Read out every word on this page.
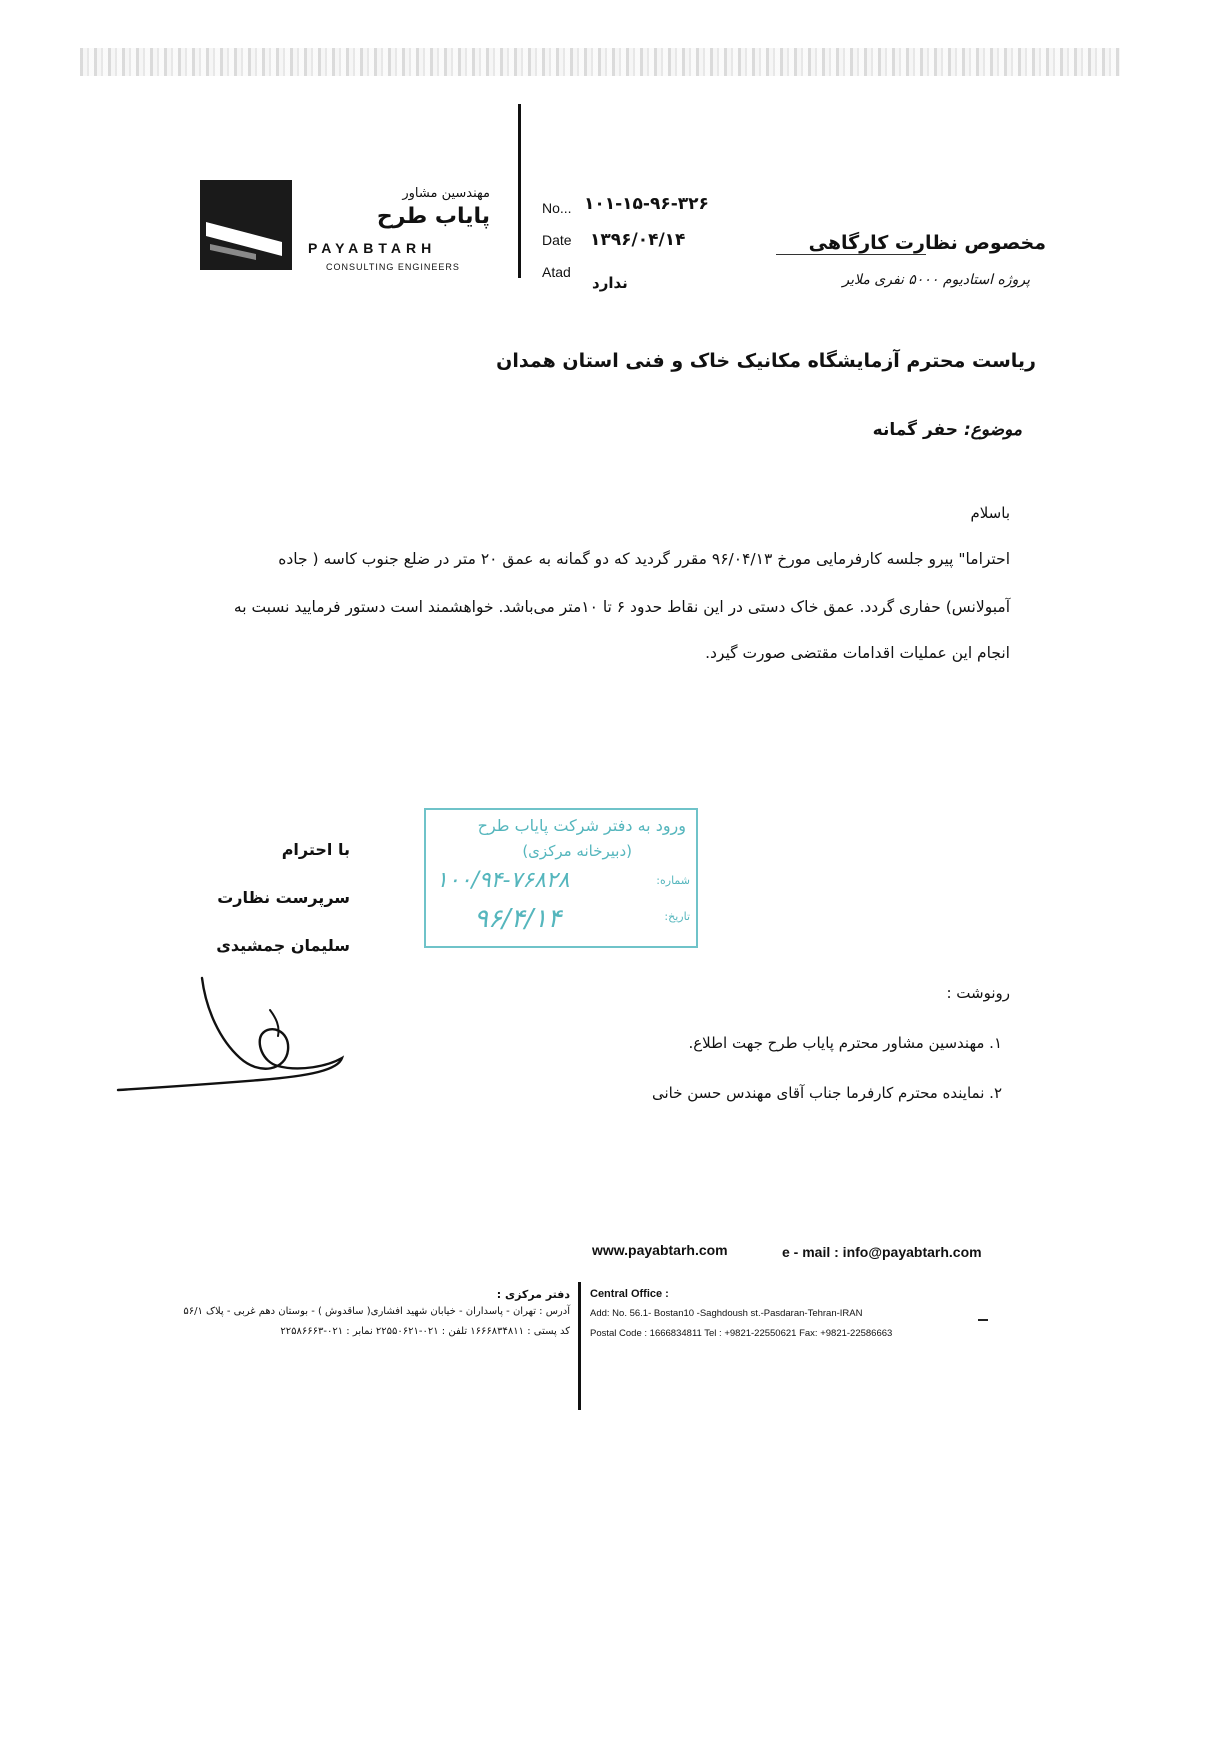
مهندسین مشاور
پایاب طرح
PAYABTARH
CONSULTING ENGINEERS
No... ۱۰۱-۱۵-۹۶-۳۲۶
Date ۱۳۹۶/۰۴/۱۴
Atad
ندارد
مخصوص نظارت کارگاهی
پروژه استادیوم ۵۰۰۰ نفری ملایر
ریاست محترم آزمایشگاه مکانیک خاک و فنی استان همدان
موضوع: حفر گمانه
باسلام
احتراما" پیرو جلسه کارفرمایی مورخ ۹۶/۰۴/۱۳ مقرر گردید که دو گمانه به عمق ۲۰ متر در ضلع جنوب کاسه ( جاده
آمبولانس) حفاری گردد. عمق خاک دستی در این نقاط حدود ۶ تا ۱۰متر می‌باشد. خواهشمند است دستور فرمایید نسبت به
انجام این عملیات اقدامات مقتضی صورت گیرد.
ورود به دفتر شرکت پایاب طرح
(دبیرخانه مرکزی)
شماره:
۱۰۰/۹۴-۷۶۸۲۸
تاریخ:
۹۶/۴/۱۴
با احترام
سرپرست نظارت
سلیمان جمشیدی
رونوشت :
۱. مهندسین مشاور محترم پایاب طرح جهت اطلاع.
۲. نماینده محترم کارفرما جناب آقای مهندس حسن خانی
www.payabtarh.com	e - mail : info@payabtarh.com
دفتر مرکزی :
آدرس : تهران - پاسداران - خیابان شهید افشاری( ساقدوش ) - بوستان دهم غربی - پلاک ۵۶/۱
کد پستی : ۱۶۶۶۸۳۴۸۱۱ تلفن : ۰۲۱-۲۲۵۵۰۶۲۱ نمابر : ۰۲۱-۲۲۵۸۶۶۶۳
Central Office :
Add: No. 56.1- Bostan10 -Saghdoush st.-Pasdaran-Tehran-IRAN
Postal Code : 1666834811 Tel : +9821-22550621 Fax: +9821-22586663
